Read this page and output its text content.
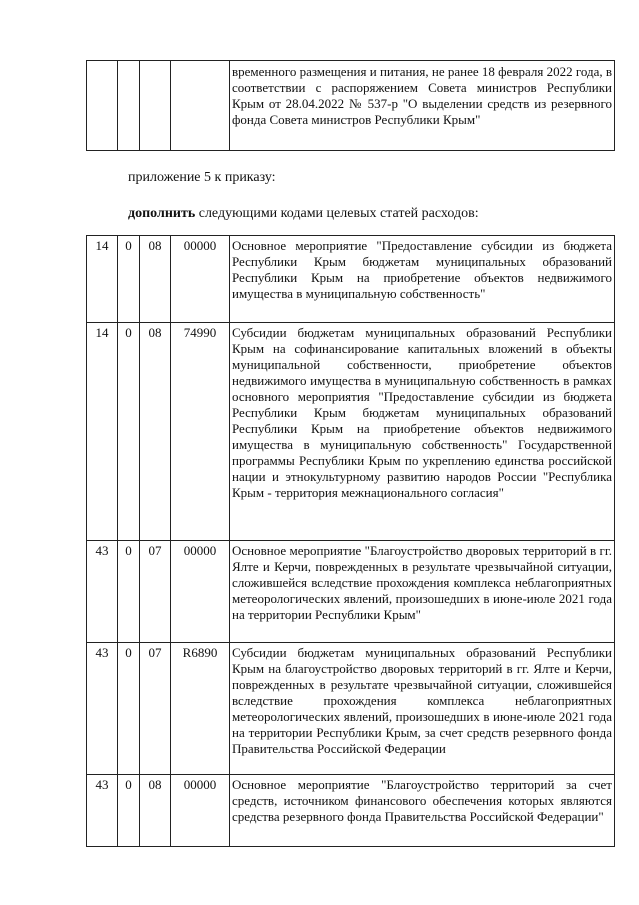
				временного размещения и питания, не ранее 18 февраля 2022 года, в соответствии с распоряжением Совета министров Республики Крым от 28.04.2022 № 537-р "О выделении средств из резервного фонда Совета министров Республики Крым"
приложение 5 к приказу:
дополнить следующими кодами целевых статей расходов:
14	0	08	00000	Основное мероприятие "Предоставление субсидии из бюджета Республики Крым бюджетам муниципальных образований Республики Крым на приобретение объектов недвижимого имущества в муниципальную собственность"
14	0	08	74990	Субсидии бюджетам муниципальных образований Республики Крым на софинансирование капитальных вложений в объекты муниципальной собственности, приобретение объектов недвижимого имущества в муниципальную собственность в рамках основного мероприятия "Предоставление субсидии из бюджета Республики Крым бюджетам муниципальных образований Республики Крым на приобретение объектов недвижимого имущества в муниципальную собственность" Государственной программы Республики Крым по укреплению единства российской нации и этнокультурному развитию народов России "Республика Крым - территория межнационального согласия"
43	0	07	00000	Основное мероприятие "Благоустройство дворовых территорий в гг. Ялте и Керчи, поврежденных в результате чрезвычайной ситуации, сложившейся вследствие прохождения комплекса неблагоприятных метеорологических явлений, произошедших в июне-июле 2021 года на территории Республики Крым"
43	0	07	R6890	Субсидии бюджетам муниципальных образований Республики Крым на благоустройство дворовых территорий в гг. Ялте и Керчи, поврежденных в результате чрезвычайной ситуации, сложившейся вследствие прохождения комплекса неблагоприятных метеорологических явлений, произошедших в июне-июле 2021 года на территории Республики Крым, за счет средств резервного фонда Правительства Российской Федерации
43	0	08	00000	Основное мероприятие "Благоустройство территорий за счет средств, источником финансового обеспечения которых являются средства резервного фонда Правительства Российской Федерации"
